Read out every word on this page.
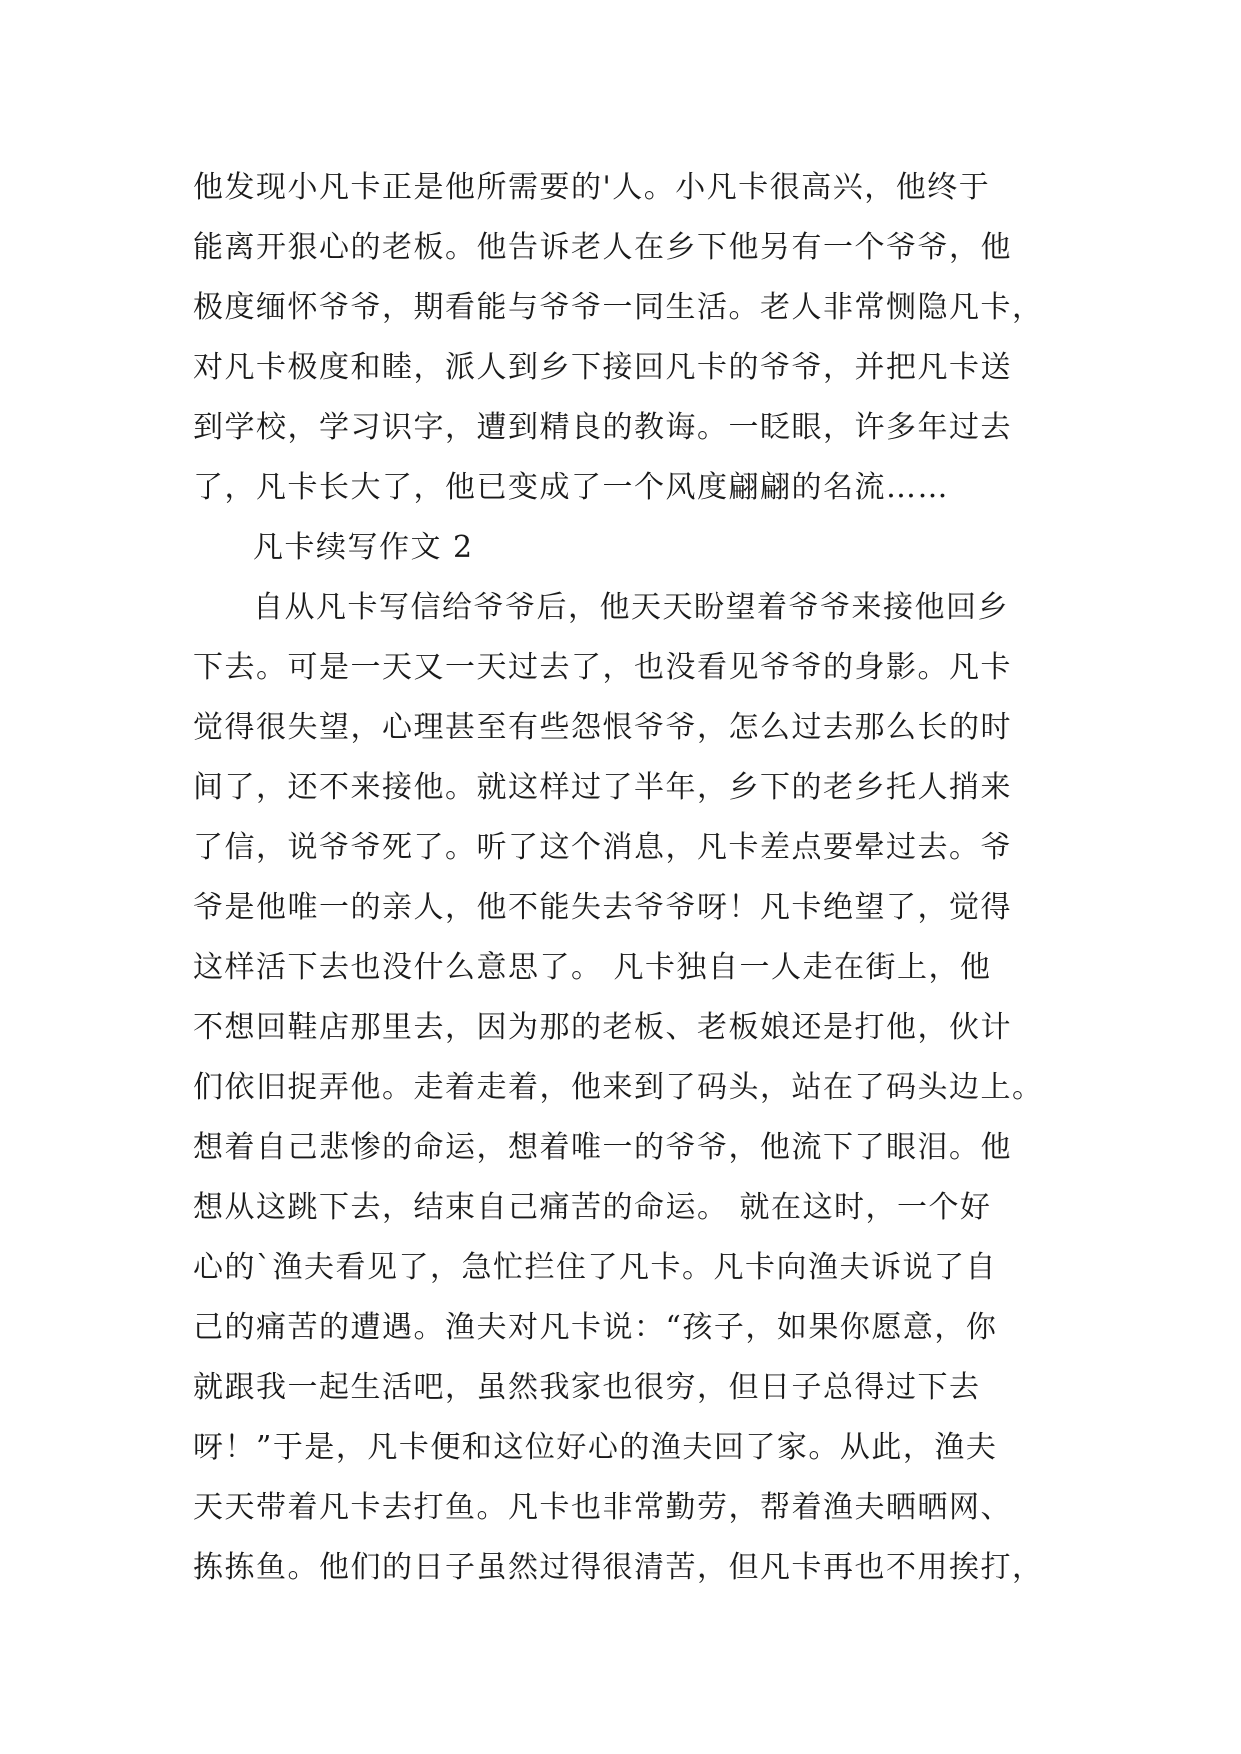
他发现小凡卡正是他所需要的'人。小凡卡很高兴，他终于
能离开狠心的老板。他告诉老人在乡下他另有一个爷爷，他
极度缅怀爷爷，期看能与爷爷一同生活。老人非常恻隐凡卡，
对凡卡极度和睦，派人到乡下接回凡卡的爷爷，并把凡卡送
到学校，学习识字，遭到精良的教诲。一眨眼，许多年过去
了，凡卡长大了，他已变成了一个风度翩翩的名流……
凡卡续写作文 2
自从凡卡写信给爷爷后，他天天盼望着爷爷来接他回乡
下去。可是一天又一天过去了，也没看见爷爷的身影。凡卡
觉得很失望，心理甚至有些怨恨爷爷，怎么过去那么长的时
间了，还不来接他。就这样过了半年，乡下的老乡托人捎来
了信，说爷爷死了。听了这个消息，凡卡差点要晕过去。爷
爷是他唯一的亲人，他不能失去爷爷呀！凡卡绝望了，觉得
这样活下去也没什么意思了。 凡卡独自一人走在街上，他
不想回鞋店那里去，因为那的老板、老板娘还是打他，伙计
们依旧捉弄他。走着走着，他来到了码头，站在了码头边上。
想着自己悲惨的命运，想着唯一的爷爷，他流下了眼泪。他
想从这跳下去，结束自己痛苦的命运。 就在这时，一个好
心的`渔夫看见了，急忙拦住了凡卡。凡卡向渔夫诉说了自
己的痛苦的遭遇。渔夫对凡卡说：“孩子，如果你愿意，你
就跟我一起生活吧，虽然我家也很穷，但日子总得过下去
呀！”于是，凡卡便和这位好心的渔夫回了家。从此，渔夫
天天带着凡卡去打鱼。凡卡也非常勤劳，帮着渔夫晒晒网、
拣拣鱼。他们的日子虽然过得很清苦，但凡卡再也不用挨打，
